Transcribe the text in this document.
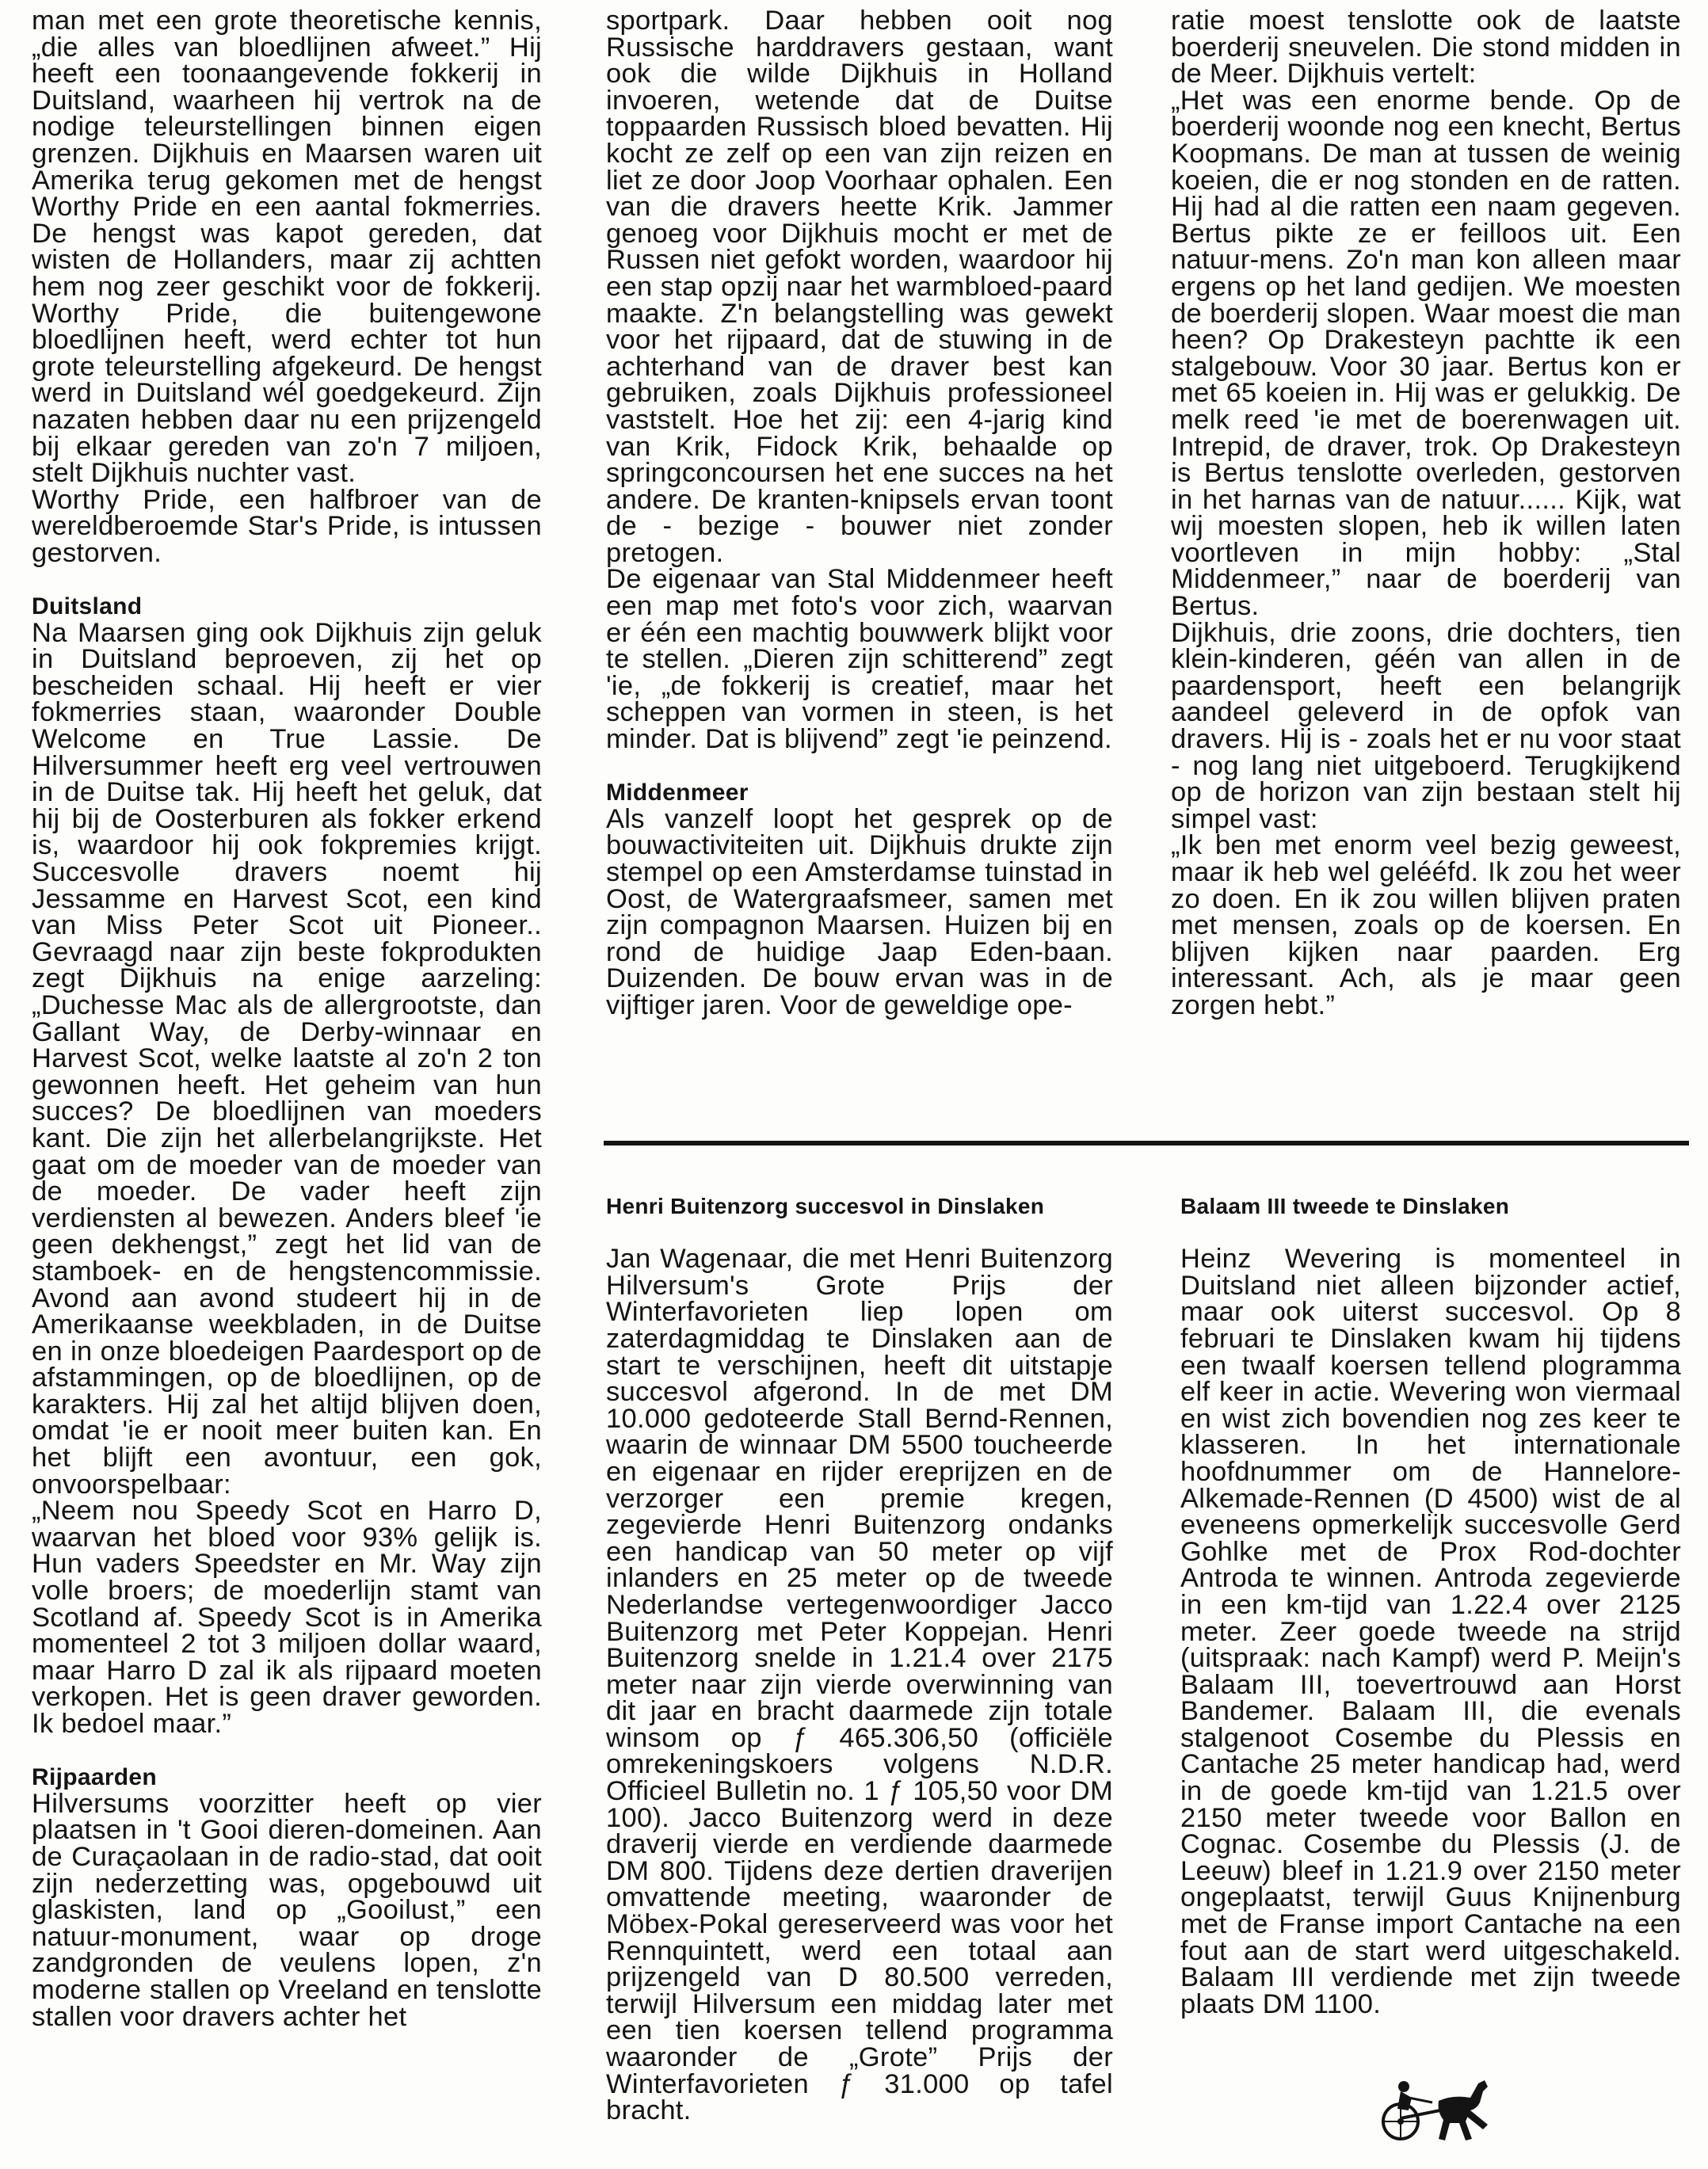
man met een grote theoretische kennis, „die alles van bloedlijnen afweet.” Hij heeft een toonaangevende fokkerij in Duitsland, waarheen hij vertrok na de nodige teleurstellingen binnen eigen grenzen. Dijkhuis en Maarsen waren uit Amerika terug gekomen met de hengst Worthy Pride en een aantal fokmerries. De hengst was kapot gereden, dat wisten de Hollanders, maar zij achtten hem nog zeer geschikt voor de fokkerij. Worthy Pride, die buitengewone bloedlijnen heeft, werd echter tot hun grote teleurstelling afgekeurd. De hengst werd in Duitsland wél goedgekeurd. Zijn nazaten hebben daar nu een prijzengeld bij elkaar gereden van zo'n 7 miljoen, stelt Dijkhuis nuchter vast.

Worthy Pride, een halfbroer van de wereldberoemde Star's Pride, is intussen gestorven.

Duitsland

Na Maarsen ging ook Dijkhuis zijn geluk in Duitsland beproeven, zij het op bescheiden schaal. Hij heeft er vier fokmerries staan, waaronder Double Welcome en True Lassie. De Hilversummer heeft erg veel vertrouwen in de Duitse tak. Hij heeft het geluk, dat hij bij de Oosterburen als fokker erkend is, waardoor hij ook fokpremies krijgt. Succesvolle dravers noemt hij Jessamme en Harvest Scot, een kind van Miss Peter Scot uit Pioneer.. Gevraagd naar zijn beste fokprodukten zegt Dijkhuis na enige aarzeling: „Duchesse Mac als de allergrootste, dan Gallant Way, de Derby-winnaar en Harvest Scot, welke laatste al zo'n 2 ton gewonnen heeft. Het geheim van hun succes? De bloedlijnen van moeders kant. Die zijn het allerbelangrijkste. Het gaat om de moeder van de moeder van de moeder. De vader heeft zijn verdiensten al bewezen. Anders bleef 'ie geen dekhengst,” zegt het lid van de stamboek- en de hengstencommissie. Avond aan avond studeert hij in de Amerikaanse weekbladen, in de Duitse en in onze bloedeigen Paardesport op de afstammingen, op de bloedlijnen, op de karakters. Hij zal het altijd blijven doen, omdat 'ie er nooit meer buiten kan. En het blijft een avontuur, een gok, onvoorspelbaar:

„Neem nou Speedy Scot en Harro D, waarvan het bloed voor 93% gelijk is. Hun vaders Speedster en Mr. Way zijn volle broers; de moederlijn stamt van Scotland af. Speedy Scot is in Amerika momenteel 2 tot 3 miljoen dollar waard, maar Harro D zal ik als rijpaard moeten verkopen. Het is geen draver geworden. Ik bedoel maar.”

Rijpaarden

Hilversums voorzitter heeft op vier plaatsen in 't Gooi dieren-domeinen. Aan de Curaçaolaan in de radio-stad, dat ooit zijn nederzetting was, opgebouwd uit glaskisten, land op „Gooilust,” een natuur-monument, waar op droge zandgronden de veulens lopen, z'n moderne stallen op Vreeland en tenslotte stallen voor dravers achter het

sportpark. Daar hebben ooit nog Russische harddravers gestaan, want ook die wilde Dijkhuis in Holland invoeren, wetende dat de Duitse toppaarden Russisch bloed bevatten. Hij kocht ze zelf op een van zijn reizen en liet ze door Joop Voorhaar ophalen. Een van die dravers heette Krik. Jammer genoeg voor Dijkhuis mocht er met de Russen niet gefokt worden, waardoor hij een stap opzij naar het warmbloed-paard maakte. Z'n belangstelling was gewekt voor het rijpaard, dat de stuwing in de achterhand van de draver best kan gebruiken, zoals Dijkhuis professioneel vaststelt. Hoe het zij: een 4-jarig kind van Krik, Fidock Krik, behaalde op springconcoursen het ene succes na het andere. De kranten-knipsels ervan toont de - bezige - bouwer niet zonder pretogen.

De eigenaar van Stal Middenmeer heeft een map met foto's voor zich, waarvan er één een machtig bouwwerk blijkt voor te stellen. „Dieren zijn schitterend” zegt 'ie, „de fokkerij is creatief, maar het scheppen van vormen in steen, is het minder. Dat is blijvend” zegt 'ie peinzend.

Middenmeer

Als vanzelf loopt het gesprek op de bouwactiviteiten uit. Dijkhuis drukte zijn stempel op een Amsterdamse tuinstad in Oost, de Watergraafsmeer, samen met zijn compagnon Maarsen. Huizen bij en rond de huidige Jaap Eden-baan. Duizenden. De bouw ervan was in de vijftiger jaren. Voor de geweldige ope-

ratie moest tenslotte ook de laatste boerderij sneuvelen. Die stond midden in de Meer. Dijkhuis vertelt:

„Het was een enorme bende. Op de boerderij woonde nog een knecht, Bertus Koopmans. De man at tussen de weinig koeien, die er nog stonden en de ratten. Hij had al die ratten een naam gegeven. Bertus pikte ze er feilloos uit. Een natuur-mens. Zo'n man kon alleen maar ergens op het land gedijen. We moesten de boerderij slopen. Waar moest die man heen? Op Drakesteyn pachtte ik een stalgebouw. Voor 30 jaar. Bertus kon er met 65 koeien in. Hij was er gelukkig. De melk reed 'ie met de boerenwagen uit. Intrepid, de draver, trok. Op Drakesteyn is Bertus tenslotte overleden, gestorven in het harnas van de natuur...... Kijk, wat wij moesten slopen, heb ik willen laten voortleven in mijn hobby: „Stal Middenmeer,” naar de boerderij van Bertus.

Dijkhuis, drie zoons, drie dochters, tien klein-kinderen, géén van allen in de paardensport, heeft een belangrijk aandeel geleverd in de opfok van dravers. Hij is - zoals het er nu voor staat - nog lang niet uitgeboerd. Terugkijkend op de horizon van zijn bestaan stelt hij simpel vast:

„Ik ben met enorm veel bezig geweest, maar ik heb wel gelééfd. Ik zou het weer zo doen. En ik zou willen blijven praten met mensen, zoals op de koersen. En blijven kijken naar paarden. Erg interessant. Ach, als je maar geen zorgen hebt.”

Henri Buitenzorg succesvol in Dinslaken

Jan Wagenaar, die met Henri Buitenzorg Hilversum's Grote Prijs der Winterfavorieten liep lopen om zaterdagmiddag te Dinslaken aan de start te verschijnen, heeft dit uitstapje succesvol afgerond. In de met DM 10.000 gedoteerde Stall Bernd-Rennen, waarin de winnaar DM 5500 toucheerde en eigenaar en rijder ereprijzen en de verzorger een premie kregen, zegevierde Henri Buitenzorg ondanks een handicap van 50 meter op vijf inlanders en 25 meter op de tweede Nederlandse vertegenwoordiger Jacco Buitenzorg met Peter Koppejan. Henri Buitenzorg snelde in 1.21.4 over 2175 meter naar zijn vierde overwinning van dit jaar en bracht daarmede zijn totale winsom op ƒ 465.306,50 (officiële omrekeningskoers volgens N.D.R. Officieel Bulletin no. 1 ƒ 105,50 voor DM 100). Jacco Buitenzorg werd in deze draverij vierde en verdiende daarmede DM 800. Tijdens deze dertien draverijen omvattende meeting, waaronder de Möbex-Pokal gereserveerd was voor het Rennquintett, werd een totaal aan prijzengeld van D 80.500 verreden, terwijl Hilversum een middag later met een tien koersen tellend programma waaronder de „Grote” Prijs der Winterfavorieten ƒ 31.000 op tafel bracht.

Balaam III tweede te Dinslaken

Heinz Wevering is momenteel in Duitsland niet alleen bijzonder actief, maar ook uiterst succesvol. Op 8 februari te Dinslaken kwam hij tijdens een twaalf koersen tellend plogramma elf keer in actie. Wevering won viermaal en wist zich bovendien nog zes keer te klasseren. In het internationale hoofdnummer om de Hannelore-Alkemade-Rennen (D 4500) wist de al eveneens opmerkelijk succesvolle Gerd Gohlke met de Prox Rod-dochter Antroda te winnen. Antroda zegevierde in een km-tijd van 1.22.4 over 2125 meter. Zeer goede tweede na strijd (uitspraak: nach Kampf) werd P. Meijn's Balaam III, toevertrouwd aan Horst Bandemer. Balaam III, die evenals stalgenoot Cosembe du Plessis en Cantache 25 meter handicap had, werd in de goede km-tijd van 1.21.5 over 2150 meter tweede voor Ballon en Cognac. Cosembe du Plessis (J. de Leeuw) bleef in 1.21.9 over 2150 meter ongeplaatst, terwijl Guus Knijnenburg met de Franse import Cantache na een fout aan de start werd uitgeschakeld. Balaam III verdiende met zijn tweede plaats DM 1100.
